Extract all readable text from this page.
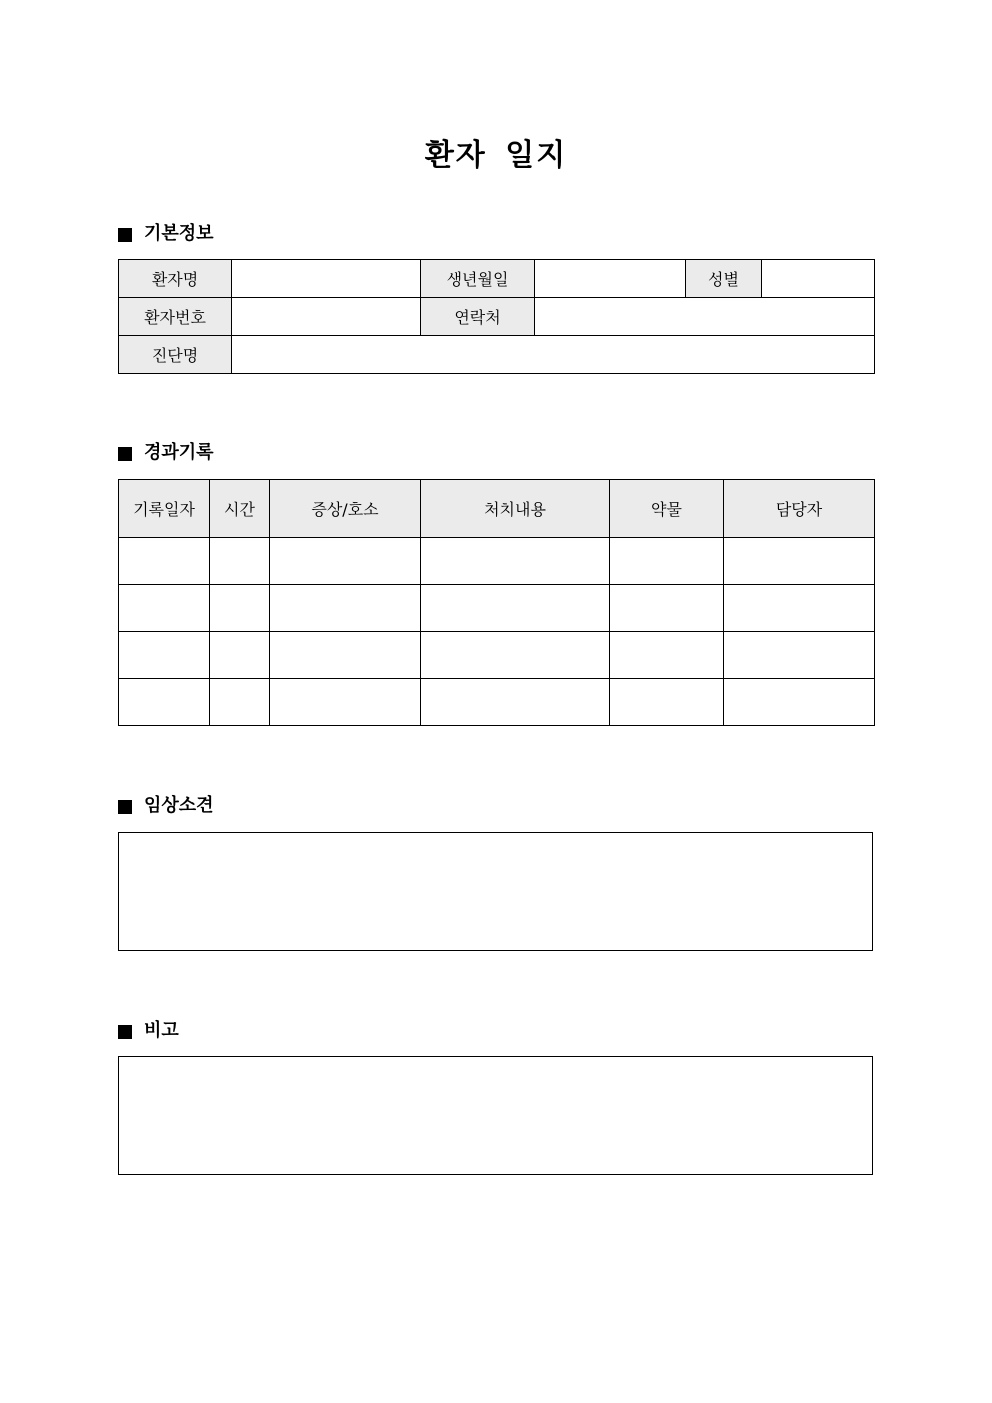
환자 일지
기본정보
환자명		생년월일		성별	
환자번호		연락처			
진단명					
경과기록
기록일자	시간	증상/호소	처치내용	약물	담당자

임상소견
비고
